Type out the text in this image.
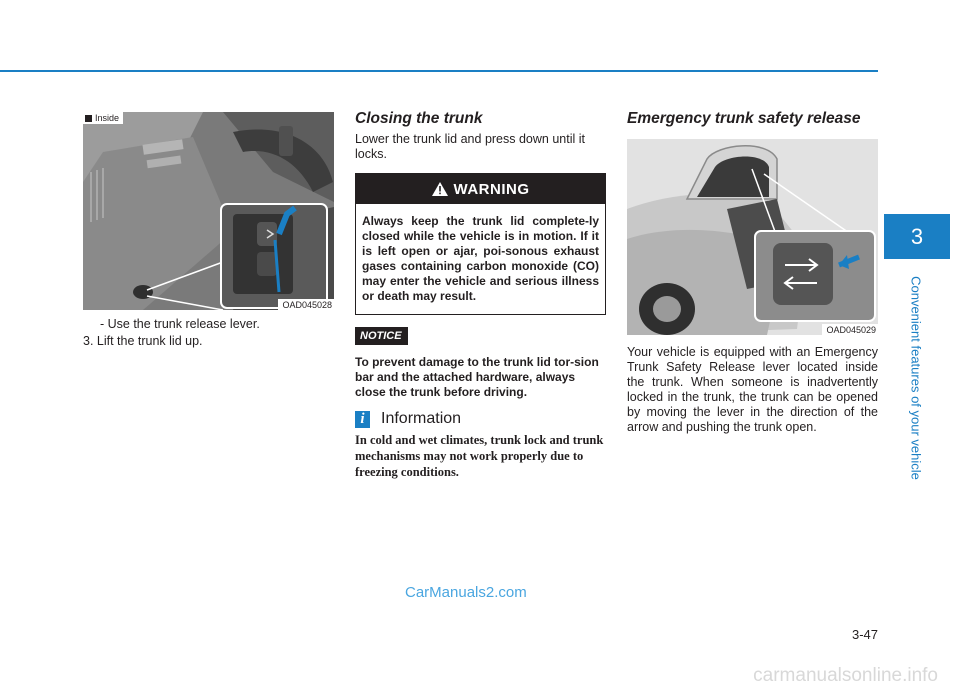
Inside
OAD045028

- Use the trunk release lever.

3. Lift the trunk lid up.

Closing the trunk

Lower the trunk lid and press down until it locks.

WARNING
Always keep the trunk lid complete-ly closed while the vehicle is in motion. If it is left open or ajar, poi-sonous exhaust gases containing carbon monoxide (CO) may enter the vehicle and serious illness or death may result.
NOTICE

To prevent damage to the trunk lid tor-sion bar and the attached hardware, always close the trunk before driving.

i	Information

In cold and wet climates, trunk lock and trunk mechanisms may not work properly due to freezing conditions.

Emergency trunk safety release
OAD045029

Your vehicle is equipped with an Emergency Trunk Safety Release lever located inside the trunk. When someone is inadvertently locked in the trunk, the trunk can be opened by moving the lever in the direction of the arrow and pushing the trunk open.

3
Convenient features of your vehicle
3-47
CarManuals2.com
carmanualsonline.info
